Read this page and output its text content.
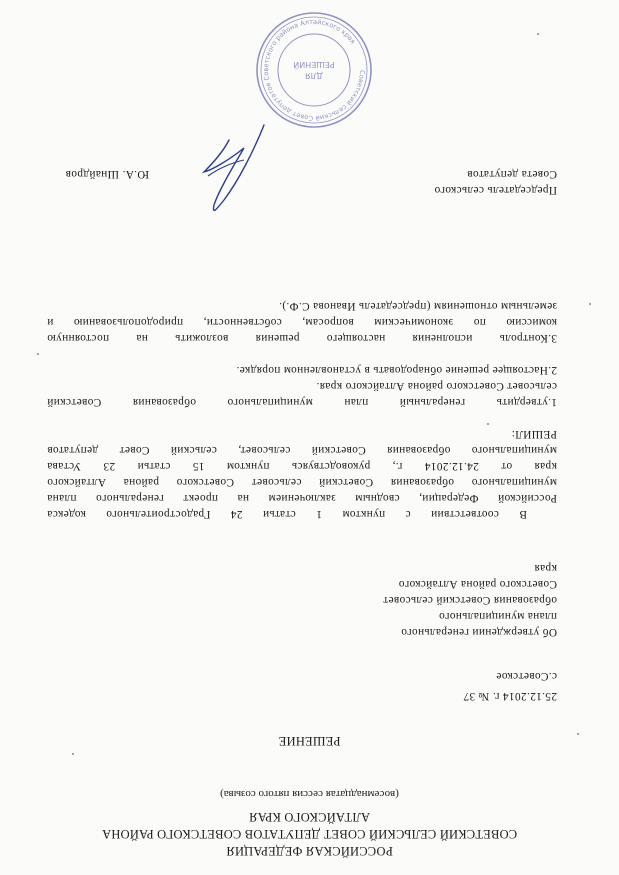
РОССИЙСКАЯ ФЕДЕРАЦИЯ
СОВЕТСКИЙ СЕЛЬСКИЙ СОВЕТ ДЕПУТАТОВ СОВЕТСКОГО РАЙОНА
АЛТАЙСКОГО КРАЯ
(восемнадцатая сессия пятого созыва)
РЕШЕНИЕ
25.12.2014 г. № 37
с.Советское
Об утверждении генерального
плана муниципального
образования Советский сельсовет
Советского района Алтайского
края
В соответствии с пунктом 1 статьи 24 Градостроительного кодекса
Российской Федерации, сводным заключением на проект генерального плана
муниципального образования Советский сельсовет Советского района Алтайского
края от 24.12.2014 г., руководствуясь пунктом 15 статьи 23 Устава
муниципального образования Советский сельсовет, сельский Совет депутатов
РЕШИЛ:
1.утвердить генеральный план муниципального образования Советский
сельсовет Советского района Алтайского края.
2.Настоящее решение обнародовать в установленном порядке.
3.Контроль исполнения настоящего решения возложить на постоянную
комиссию по экономическим вопросам, собственности, природопользованию и
земельным отношениям (председатель Иванова С.Ф.).
Председатель сельского
Совета депутатов
Ю.А. Шнайдров
Советский сельский Совет депутатов Советского района Алтайского края
ДЛЯ
РЕШЕНИЙ
